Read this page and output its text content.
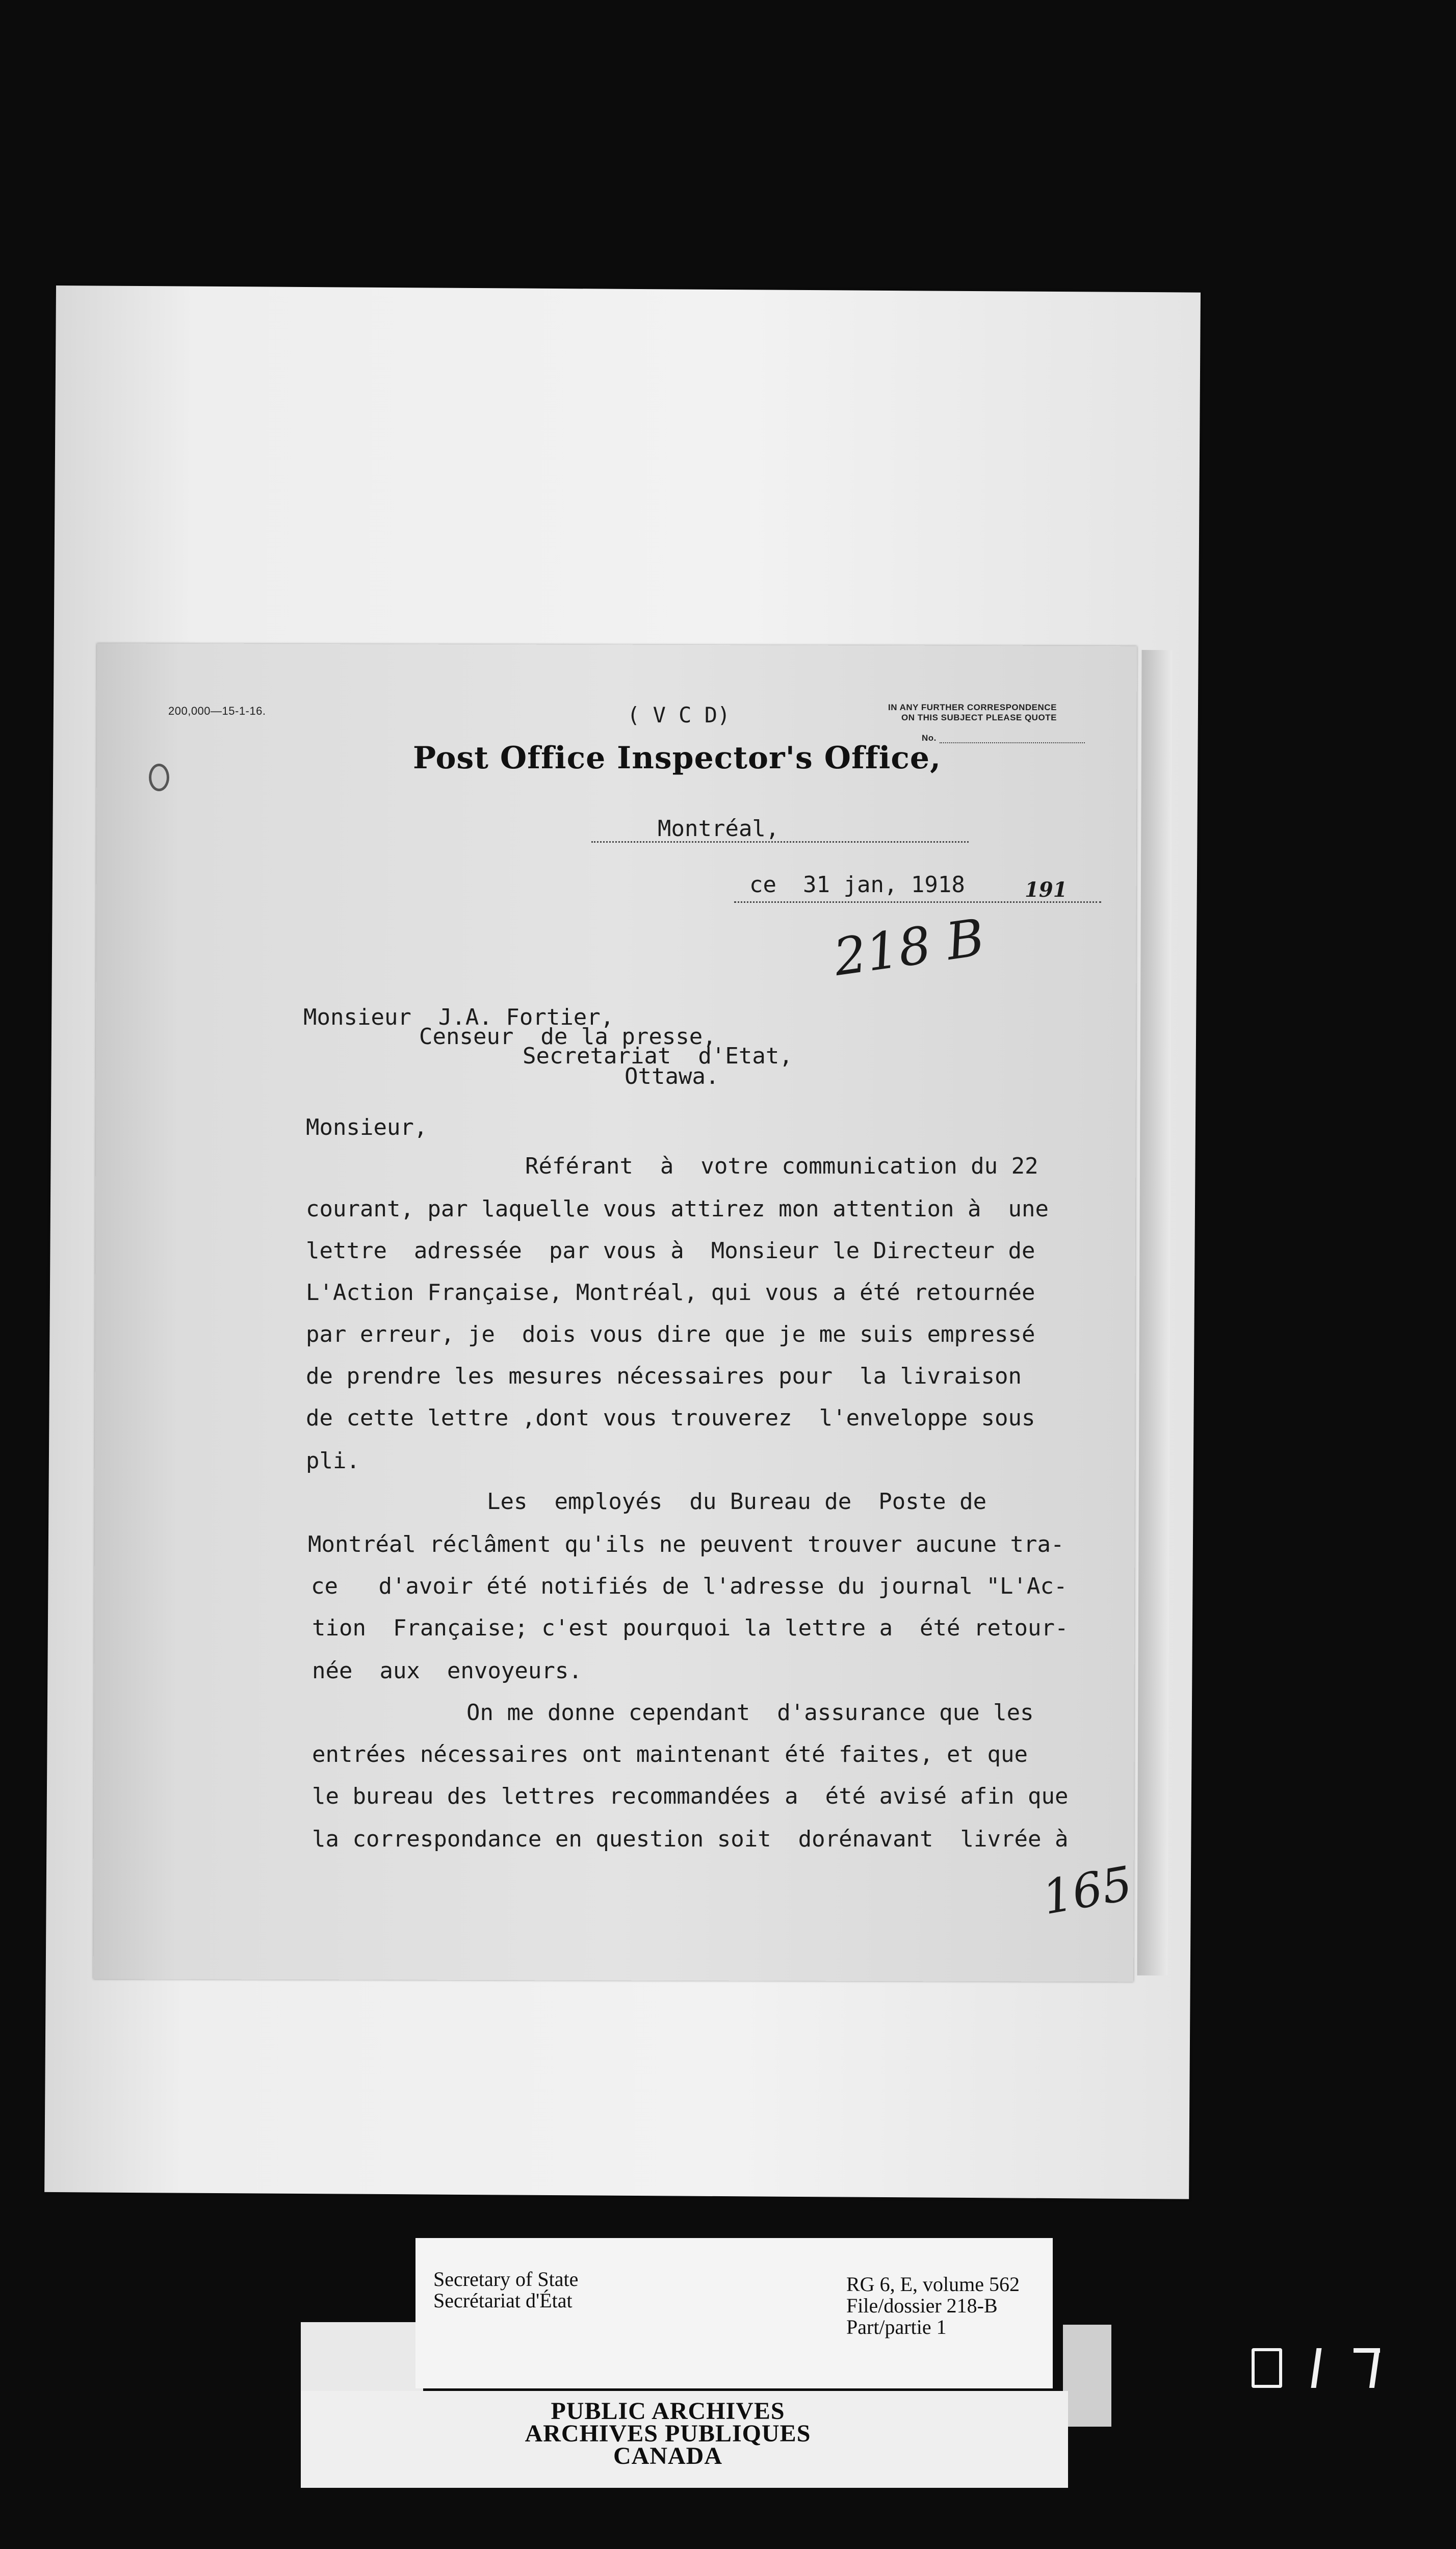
200,000—15-1-16.	( V C D)	IN ANY FURTHER CORRESPONDENCE
ON THIS SUBJECT PLEASE QUOTE
No.
Post Office Inspector's Office,
Montréal,
ce 31 jan, 1918	191
218 B
Monsieur  J.A. Fortier,
Censeur  de la presse,
Secretariat  d'Etat,
Ottawa.
Monsieur,
Référant  à  votre communication du 22
courant, par laquelle vous attirez mon attention à  une
lettre  adressée  par vous à  Monsieur le Directeur de
L'Action Française, Montréal, qui vous a été retournée
par erreur, je  dois vous dire que je me suis empressé
de prendre les mesures nécessaires pour  la livraison
de cette lettre ,dont vous trouverez  l'enveloppe sous
pli.
Les  employés  du Bureau de  Poste de
Montréal réclâment qu'ils ne peuvent trouver aucune tra-
ce   d'avoir été notifiés de l'adresse du journal "L'Ac-
tion  Française; c'est pourquoi la lettre a  été retour-
née  aux  envoyeurs.
On me donne cependant  d'assurance que les
entrées nécessaires ont maintenant été faites, et que
le bureau des lettres recommandées a  été avisé afin que
la correspondance en question soit  dorénavant  livrée à
165
Secretary of State
Secrétariat d'État
RG 6, E, volume 562
File/dossier 218-B
Part/partie 1
PUBLIC ARCHIVES
ARCHIVES PUBLIQUES
CANADA
